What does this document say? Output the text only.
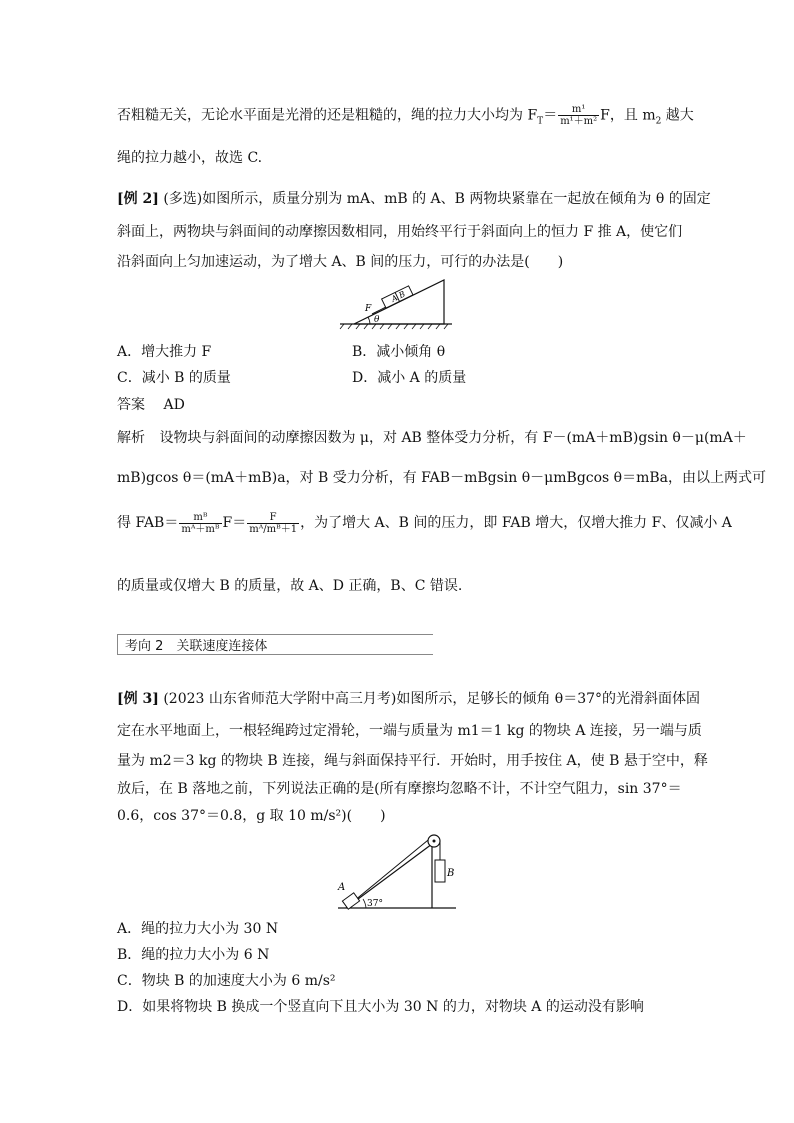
否粗糙无关，无论水平面是光滑的还是粗糙的，绳的拉力大小均为 $F_T= \frac{\text{m¹}}{\text{m¹＋m²}}$ F，且 $m_2$ 越大
绳的拉力越小，故选 C.
[例 2] (多选)如图所示，质量分别为 mA、mB 的 A、B 两物块紧靠在一起放在倾角为 θ 的固定
斜面上，两物块与斜面间的动摩擦因数相同，用始终平行于斜面向上的恒力 F 推 A，使它们
沿斜面向上匀加速运动，为了增大 A、B 间的压力，可行的办法是(　　)
A B
F
θ
A．增大推力 F	B．减小倾角 θ
C．减小 B 的质量	D．减小 A 的质量
答案 AD
解析 设物块与斜面间的动摩擦因数为 μ，对 AB 整体受力分析，有 F－(mA＋mB)gsin θ－μ(mA＋
mB)gcos θ＝(mA＋mB)a，对 B 受力分析，有 FAB－mBgsin θ－μmBgcos θ＝mBa，由以上两式可
得 $FAB= \frac{\text{mᴮ}}{\text{mᴬ＋mᴮ}} F= \frac{F}{\text{mᴬ/mᴮ＋1}}$ ，为了增大 A、B 间的压力，即 FAB 增大，仅增大推力 F、仅减小 A
的质量或仅增大 B 的质量，故 A、D 正确，B、C 错误.
考向 2　关联速度连接体
[例 3] (2023 山东省师范大学附中高三月考)如图所示，足够长的倾角 θ＝37°的光滑斜面体固
定在水平地面上，一根轻绳跨过定滑轮，一端与质量为 m1＝1 kg 的物块 A 连接，另一端与质
量为 m2＝3 kg 的物块 B 连接，绳与斜面保持平行．开始时，用手按住 A，使 B 悬于空中，释
放后，在 B 落地之前，下列说法正确的是(所有摩擦均忽略不计，不计空气阻力，sin 37°＝
0.6，cos 37°＝0.8，g 取 10 m/s²)(　　)
B
A
37°
A．绳的拉力大小为 30 N
B．绳的拉力大小为 6 N
C．物块 B 的加速度大小为 6 m/s²
D．如果将物块 B 换成一个竖直向下且大小为 30 N 的力，对物块 A 的运动没有影响
